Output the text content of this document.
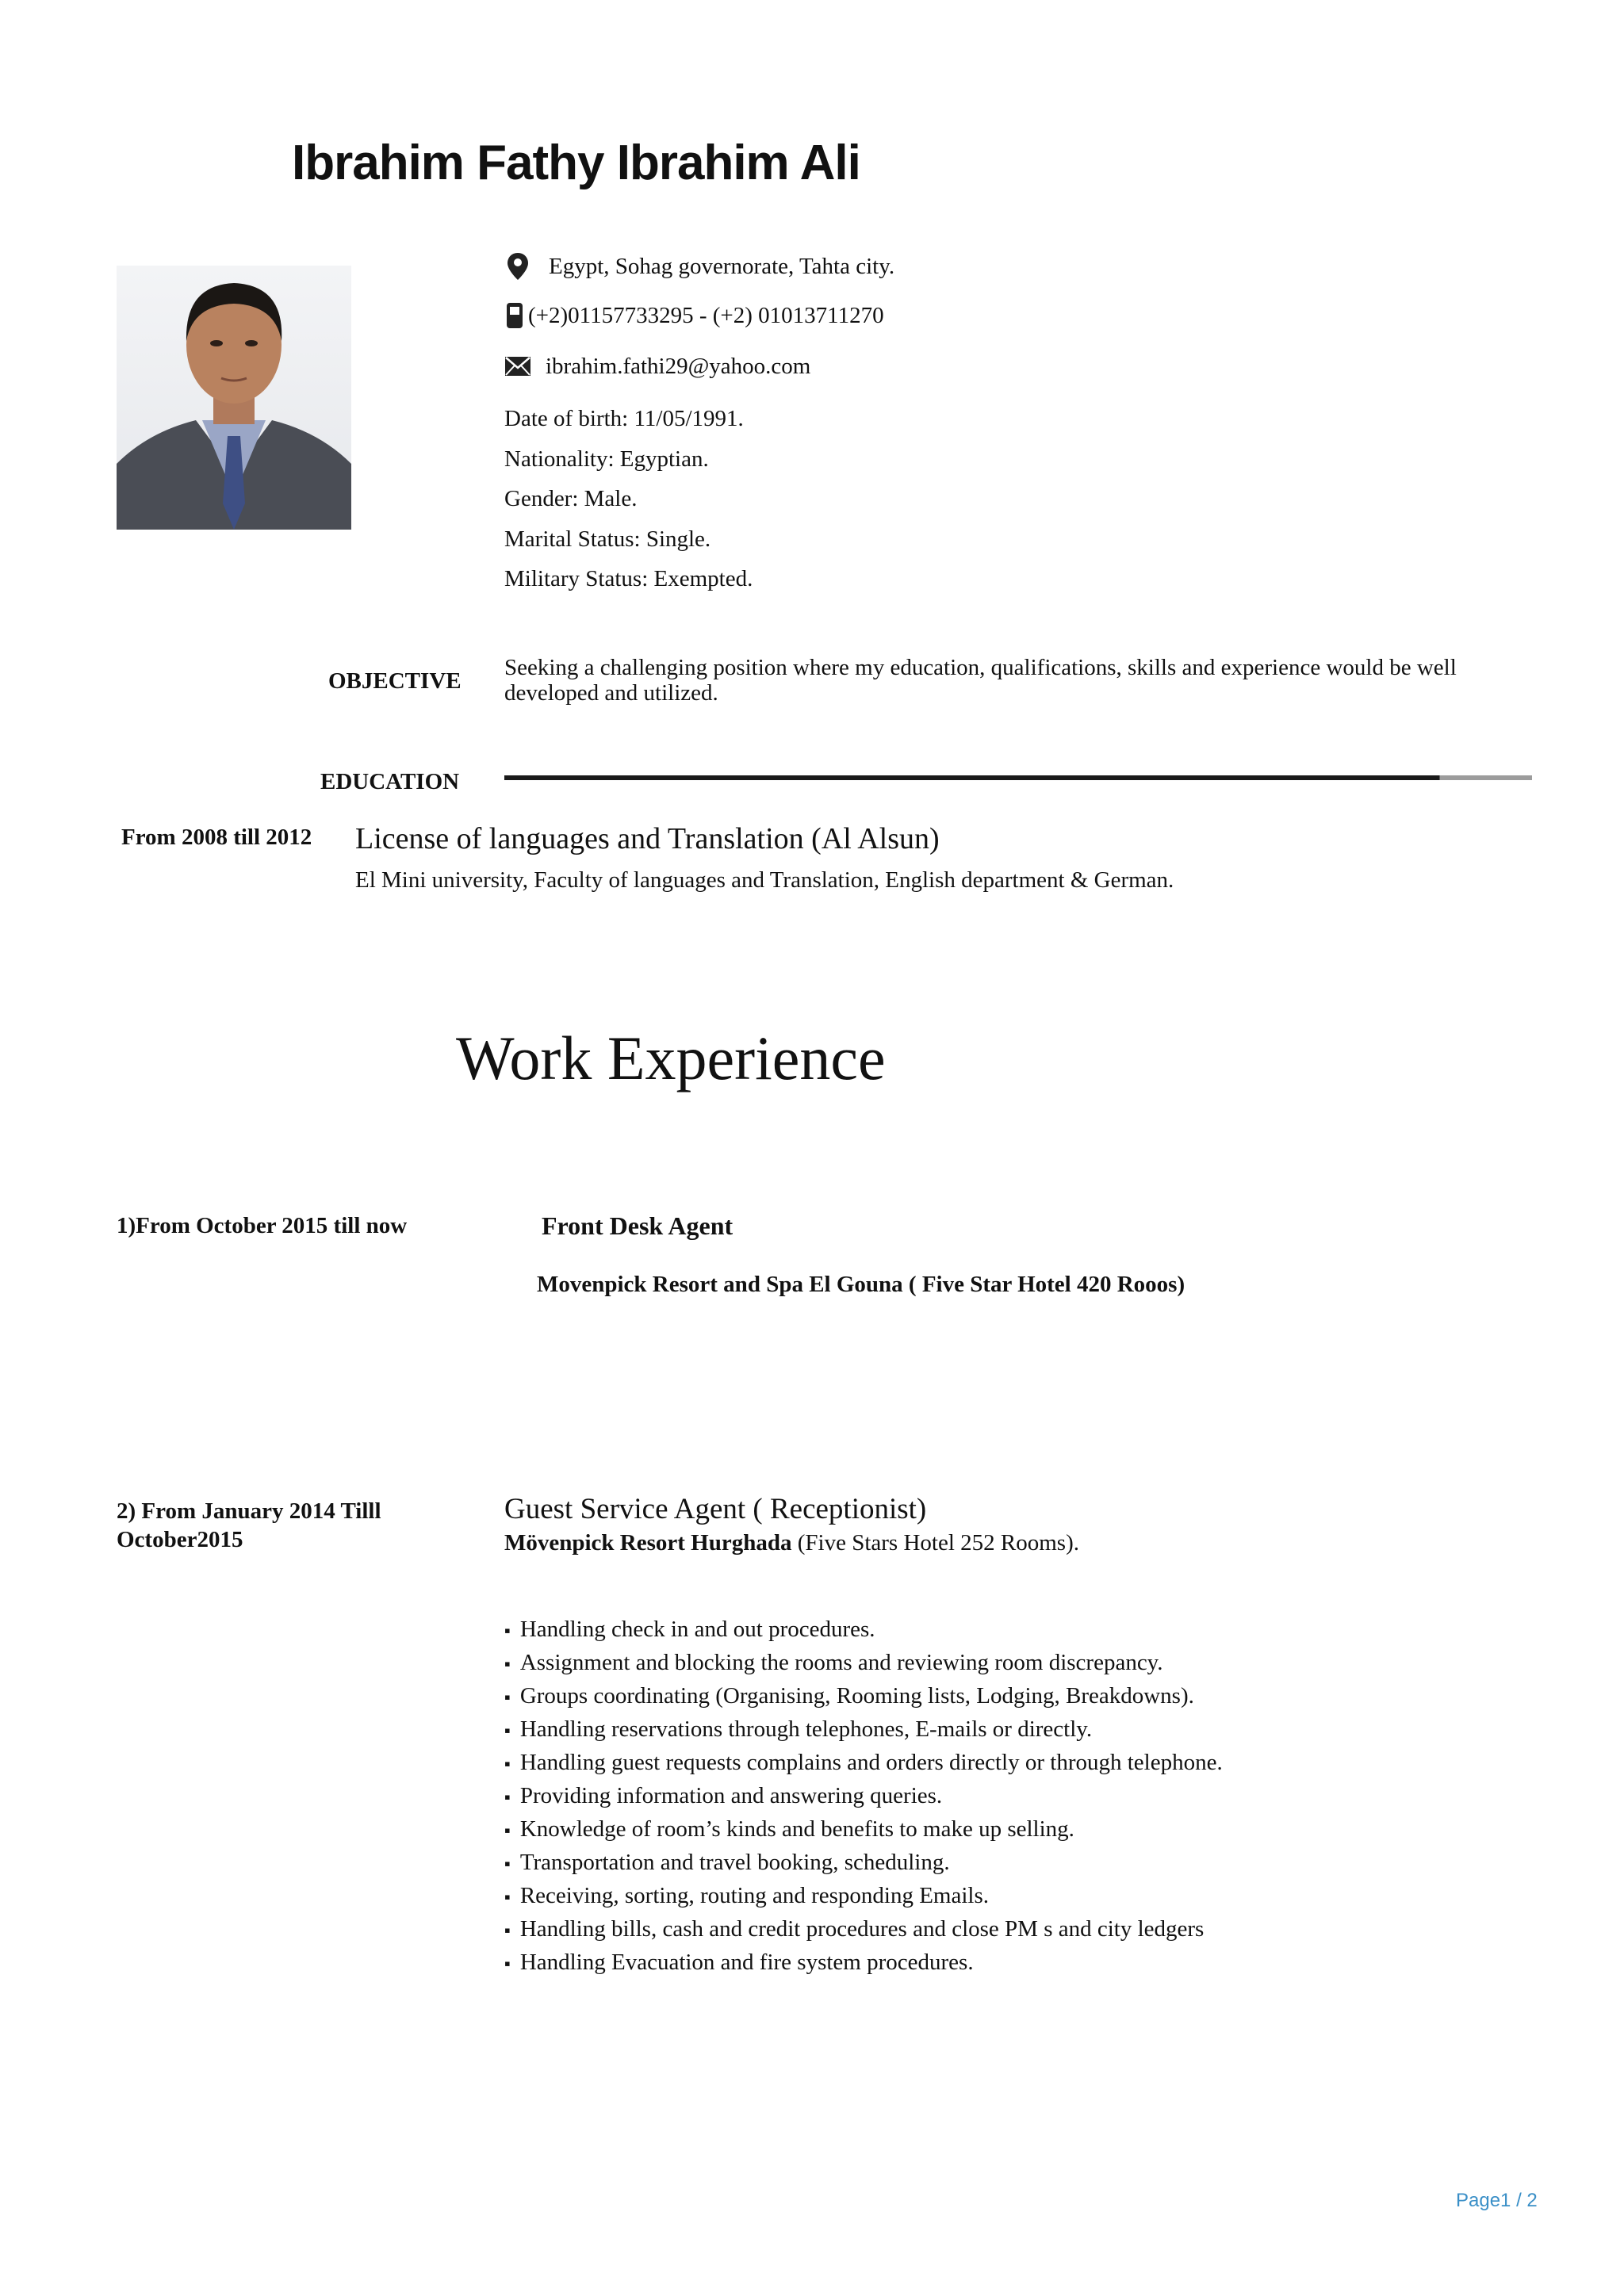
Ibrahim Fathy Ibrahim Ali
Egypt, Sohag governorate, Tahta city.
(+2)01157733295 - (+2) 01013711270
ibrahim.fathi29@yahoo.com
Date of birth: 11/05/1991.
Nationality: Egyptian.
Gender: Male.
Marital Status: Single.
Military Status: Exempted.
OBJECTIVE
Seeking a challenging position where my education, qualifications, skills and experience would be well developed and utilized.
EDUCATION
From 2008 till 2012 License of languages and Translation (Al Alsun)
El Mini university, Faculty of languages and Translation, English department & German.
Work Experience
1)From October 2015 till now	Front Desk Agent
Movenpick Resort and Spa El Gouna ( Five Star Hotel 420 Rooos)
2) From January 2014 Tilll
October2015
Guest Service Agent ( Receptionist)
Mövenpick Resort Hurghada (Five Stars Hotel 252 Rooms).
▪ Handling check in and out procedures.
▪ Assignment and blocking the rooms and reviewing room discrepancy.
▪ Groups coordinating (Organising, Rooming lists, Lodging, Breakdowns).
▪ Handling reservations through telephones, E-mails or directly.
▪ Handling guest requests complains and orders directly or through telephone.
▪ Providing information and answering queries.
▪ Knowledge of room’s kinds and benefits to make up selling.
▪ Transportation and travel booking, scheduling.
▪ Receiving, sorting, routing and responding Emails.
▪ Handling bills, cash and credit procedures and close PM s and city ledgers
▪ Handling Evacuation and fire system procedures.
Page1 / 2
